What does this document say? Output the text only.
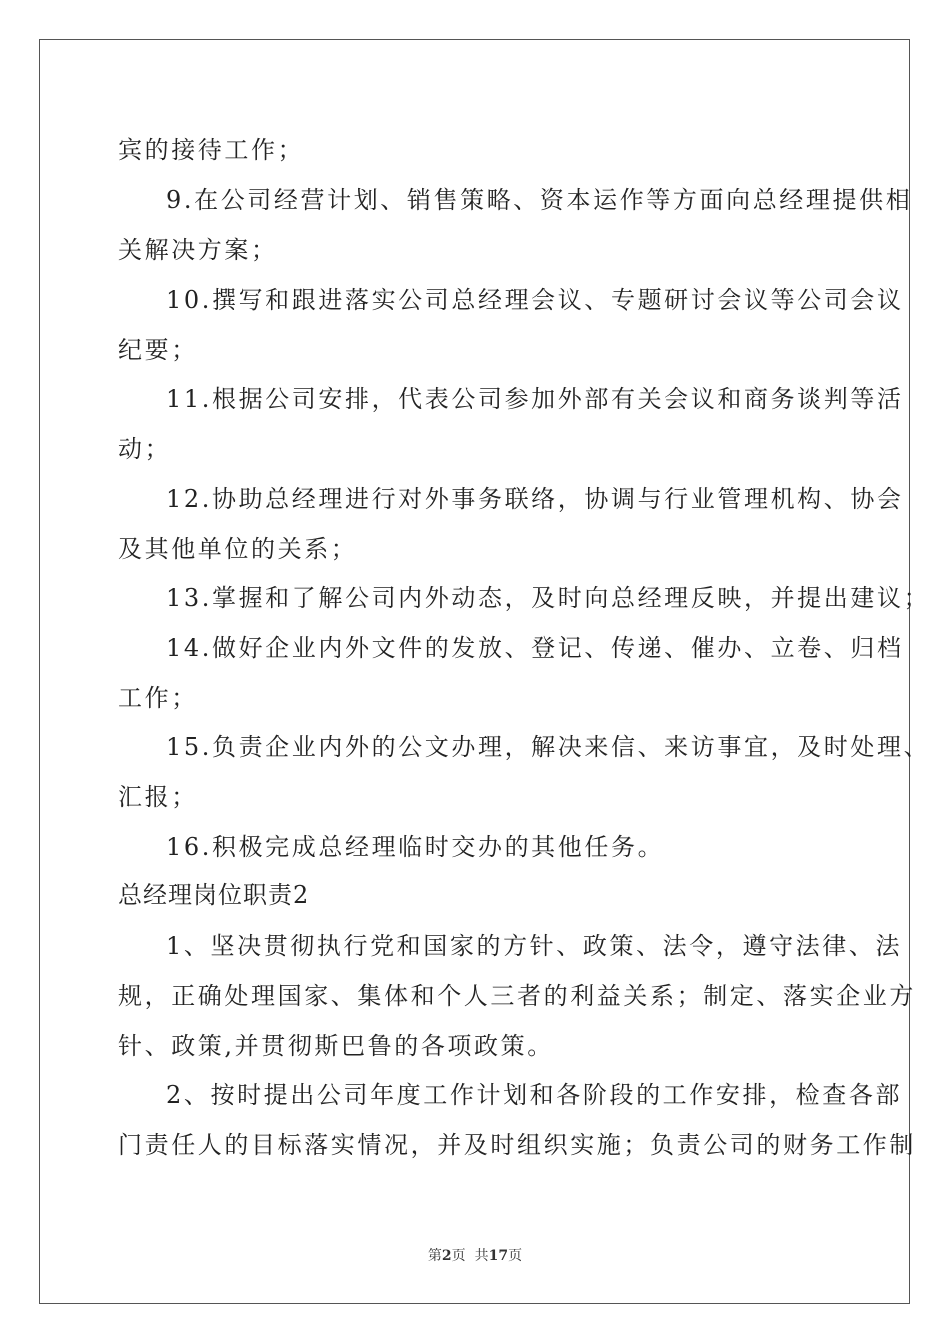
宾的接待工作；
9.在公司经营计划、销售策略、资本运作等方面向总经理提供相
关解决方案；
10.撰写和跟进落实公司总经理会议、专题研讨会议等公司会议
纪要；
11.根据公司安排，代表公司参加外部有关会议和商务谈判等活
动；
12.协助总经理进行对外事务联络，协调与行业管理机构、协会
及其他单位的关系；
13.掌握和了解公司内外动态，及时向总经理反映，并提出建议；
14.做好企业内外文件的发放、登记、传递、催办、立卷、归档
工作；
15.负责企业内外的公文办理，解决来信、来访事宜，及时处理、
汇报；
16.积极完成总经理临时交办的其他任务。
总经理岗位职责2
1、坚决贯彻执行党和国家的方针、政策、法令，遵守法律、法
规，正确处理国家、集体和个人三者的利益关系；制定、落实企业方
针、政策,并贯彻斯巴鲁的各项政策。
2、按时提出公司年度工作计划和各阶段的工作安排，检查各部
门责任人的目标落实情况，并及时组织实施；负责公司的财务工作制
第2页  共17页
